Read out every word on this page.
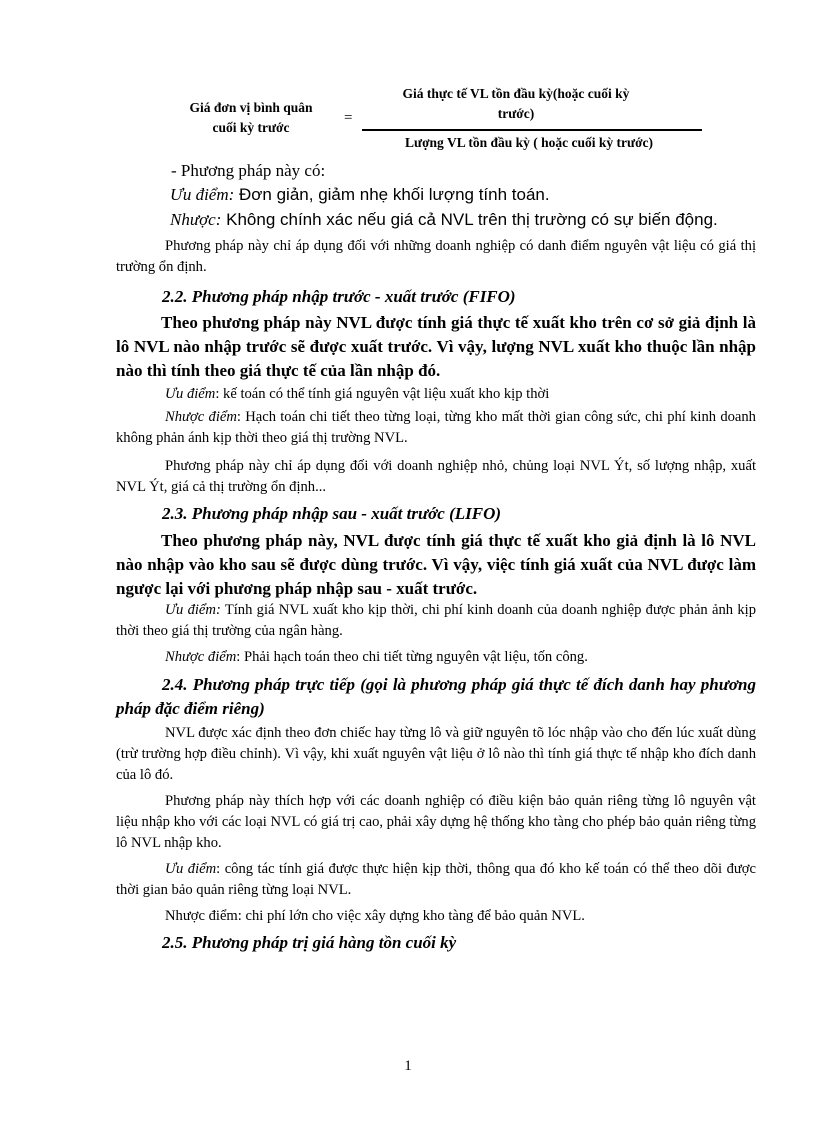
Giá đơn vị bình quân
cuối kỳ trước
=
Giá thực tế VL tồn đầu kỳ(hoặc cuối kỳ
trước)
Lượng VL tồn đầu kỳ ( hoặc cuối kỳ trước)

- Phương pháp này có:

Ưu điểm: Đơn giản, giảm nhẹ khối lượng tính toán.

Nhược: Không chính xác nếu giá cả NVL trên thị trường có sự biến động.

Phương pháp này chỉ áp dụng đối với những doanh nghiệp có danh điểm nguyên vật liệu có giá thị trường ổn định.

2.2. Phương pháp nhập trước - xuất trước (FIFO)

Theo phương pháp này NVL được tính giá thực tế xuất kho trên cơ sở giả định là lô NVL nào nhập trước sẽ được xuất trước. Vì vậy, lượng NVL xuất kho thuộc lần nhập nào thì tính theo giá thực tế của lần nhập đó.

Ưu điểm: kế toán có thể tính giá nguyên vật liệu xuất kho kịp thời

Nhược điểm: Hạch toán chi tiết theo từng loại, từng kho mất thời gian công sức, chi phí kinh doanh không phản ánh kịp thời theo giá thị trường NVL.

Phương pháp này chỉ áp dụng đối với doanh nghiệp nhỏ, chủng loại NVL Ýt, số lượng nhập, xuất NVL Ýt, giá cả thị trường ổn định...

2.3. Phương pháp nhập sau - xuất trước (LIFO)

Theo phương pháp này, NVL được tính giá thực tế xuất kho giả định là lô NVL nào nhập vào kho sau sẽ được dùng trước. Vì vậy, việc tính giá xuất của NVL được làm ngược lại với phương pháp nhập sau - xuất trước.

Ưu điểm: Tính giá NVL xuất kho kịp thời, chi phí kinh doanh của doanh nghiệp được phản ảnh kịp thời theo giá thị trường của ngân hàng.

Nhược điểm: Phải hạch toán theo chi tiết từng nguyên vật liệu, tốn công.

2.4. Phương pháp trực tiếp (gọi là phương pháp giá thực tế đích danh hay phương pháp đặc điểm riêng)

NVL được xác định theo đơn chiếc hay từng lô và giữ nguyên tõ lóc nhập vào cho đến lúc xuất dùng (trừ trường hợp điều chỉnh). Vì vậy, khi xuất nguyên vật liệu ở lô nào thì tính giá thực tế nhập kho đích danh của lô đó.

Phương pháp này thích hợp với các doanh nghiệp có điều kiện bảo quản riêng từng lô nguyên vật liệu nhập kho với các loại NVL có giá trị cao, phải xây dựng hệ thống kho tàng cho phép bảo quản riêng từng lô NVL nhập kho.

Ưu điểm: công tác tính giá được thực hiện kịp thời, thông qua đó kho kế toán có thể theo dõi được thời gian bảo quản riêng từng loại NVL.

Nhược điểm: chi phí lớn cho việc xây dựng kho tàng để bảo quản NVL.

2.5. Phương pháp trị giá hàng tồn cuối kỳ

1
